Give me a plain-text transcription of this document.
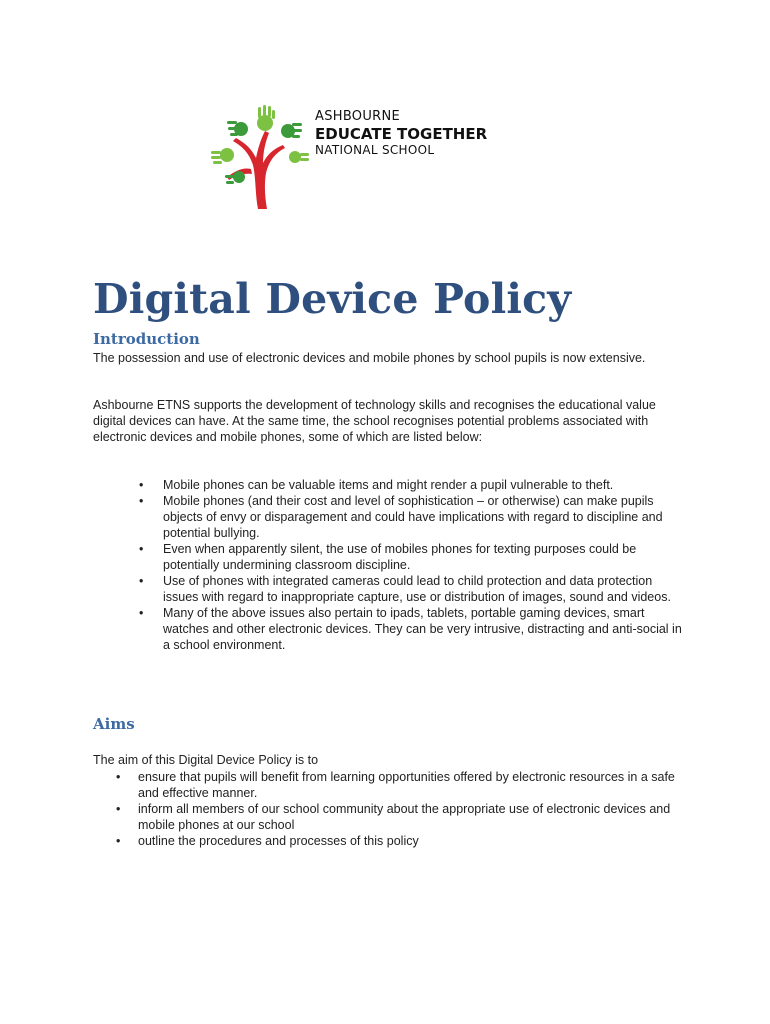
ASHBOURNE
EDUCATE TOGETHER
NATIONAL SCHOOL
Digital Device Policy
Introduction

The possession and use of electronic devices and mobile phones by school pupils is now extensive.

Ashbourne ETNS supports the development of technology skills and recognises the educational value digital devices can have. At the same time, the school recognises potential problems associated with electronic devices and mobile phones, some of which are listed below:

• Mobile phones can be valuable items and might render a pupil vulnerable to theft.
• Mobile phones (and their cost and level of sophistication – or otherwise) can make pupils objects of envy or disparagement and could have implications with regard to discipline and potential bullying.
• Even when apparently silent, the use of mobiles phones for texting purposes could be potentially undermining classroom discipline.
• Use of phones with integrated cameras could lead to child protection and data protection issues with regard to inappropriate capture, use or distribution of images, sound and videos.
• Many of the above issues also pertain to ipads, tablets, portable gaming devices, smart watches and other electronic devices. They can be very intrusive, distracting and anti-social in a school environment.
Aims

The aim of this Digital Device Policy is to

• ensure that pupils will benefit from learning opportunities offered by electronic resources in a safe and effective manner.
• inform all members of our school community about the appropriate use of electronic devices and mobile phones at our school
• outline the procedures and processes of this policy
